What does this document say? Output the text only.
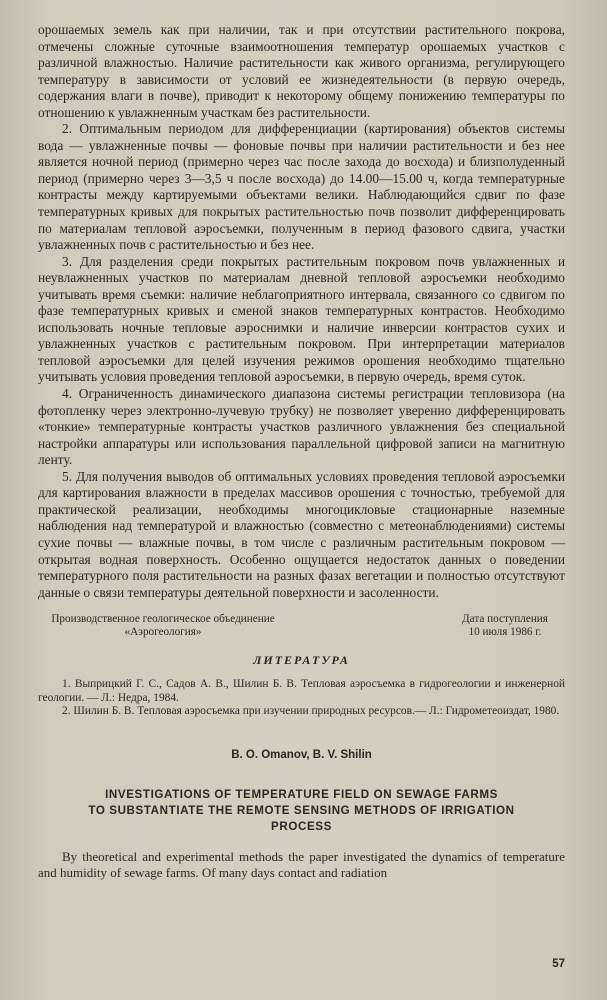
орошаемых земель как при наличии, так и при отсутствии растительного покрова, отмечены сложные суточные взаимоотношения температур орошаемых участков с различной влажностью. Наличие растительности как живого организма, регулирующего температуру в зависимости от условий ее жизнедеятельности (в первую очередь, содержания влаги в почве), приводит к некоторому общему понижению температуры по отношению к увлажненным участкам без растительности.

2. Оптимальным периодом для дифференциации (картирования) объектов системы вода — увлажненные почвы — фоновые почвы при наличии растительности и без нее является ночной период (примерно через час после захода до восхода) и близполуденный период (примерно через 3—3,5 ч после восхода) до 14.00—15.00 ч, когда температурные контрасты между картируемыми объектами велики. Наблюдающийся сдвиг по фазе температурных кривых для покрытых растительностью почв позволит дифференцировать по материалам тепловой аэросъемки, полученным в период фазового сдвига, участки увлажненных почв с растительностью и без нее.

3. Для разделения среди покрытых растительным покровом почв увлажненных и неувлажненных участков по материалам дневной тепловой аэросъемки необходимо учитывать время съемки: наличие неблагоприятного интервала, связанного со сдвигом по фазе температурных кривых и сменой знаков температурных контрастов. Необходимо использовать ночные тепловые аэроснимки и наличие инверсии контрастов сухих и увлажненных участков с растительным покровом. При интерпретации материалов тепловой аэросъемки для целей изучения режимов орошения необходимо тщательно учитывать условия проведения тепловой аэросъемки, в первую очередь, время суток.

4. Ограниченность динамического диапазона системы регистрации тепловизора (на фотопленку через электронно-лучевую трубку) не позволяет уверенно дифференцировать «тонкие» температурные контрасты участков различного увлажнения без специальной настройки аппаратуры или использования параллельной цифровой записи на магнитную ленту.

5. Для получения выводов об оптимальных условиях проведения тепловой аэросъемки для картирования влажности в пределах массивов орошения с точностью, требуемой для практической реализации, необходимы многоцикловые стационарные наземные наблюдения над температурой и влажностью (совместно с метеонаблюдениями) системы сухие почвы — влажные почвы, в том числе с различным растительным покровом — открытая водная поверхность. Особенно ощущается недостаток данных о поведении температурного поля растительности на разных фазах вегетации и полностью отсутствуют данные о связи температуры деятельной поверхности и засоленности.

Производственное геологическое объединение
«Аэрогеология»
Дата поступления
10 июля 1986 г.
ЛИТЕРАТУРА

1. Выприцкий Г. С., Садов А. В., Шилин Б. В. Тепловая аэросъемка в гидрогеологии и инженерной геологии. — Л.: Недра, 1984.

2. Шилин Б. В. Тепловая аэросъемка при изучении природных ресурсов.— Л.: Гидрометеоиздат, 1980.

B. O. Omanov, B. V. Shilin
INVESTIGATIONS OF TEMPERATURE FIELD ON SEWAGE FARMS
TO SUBSTANTIATE THE REMOTE SENSING METHODS OF IRRIGATION
PROCESS

By theoretical and experimental methods the paper investigated the dynamics of temperature and humidity of sewage farms. Of many days contact and radiation

57
